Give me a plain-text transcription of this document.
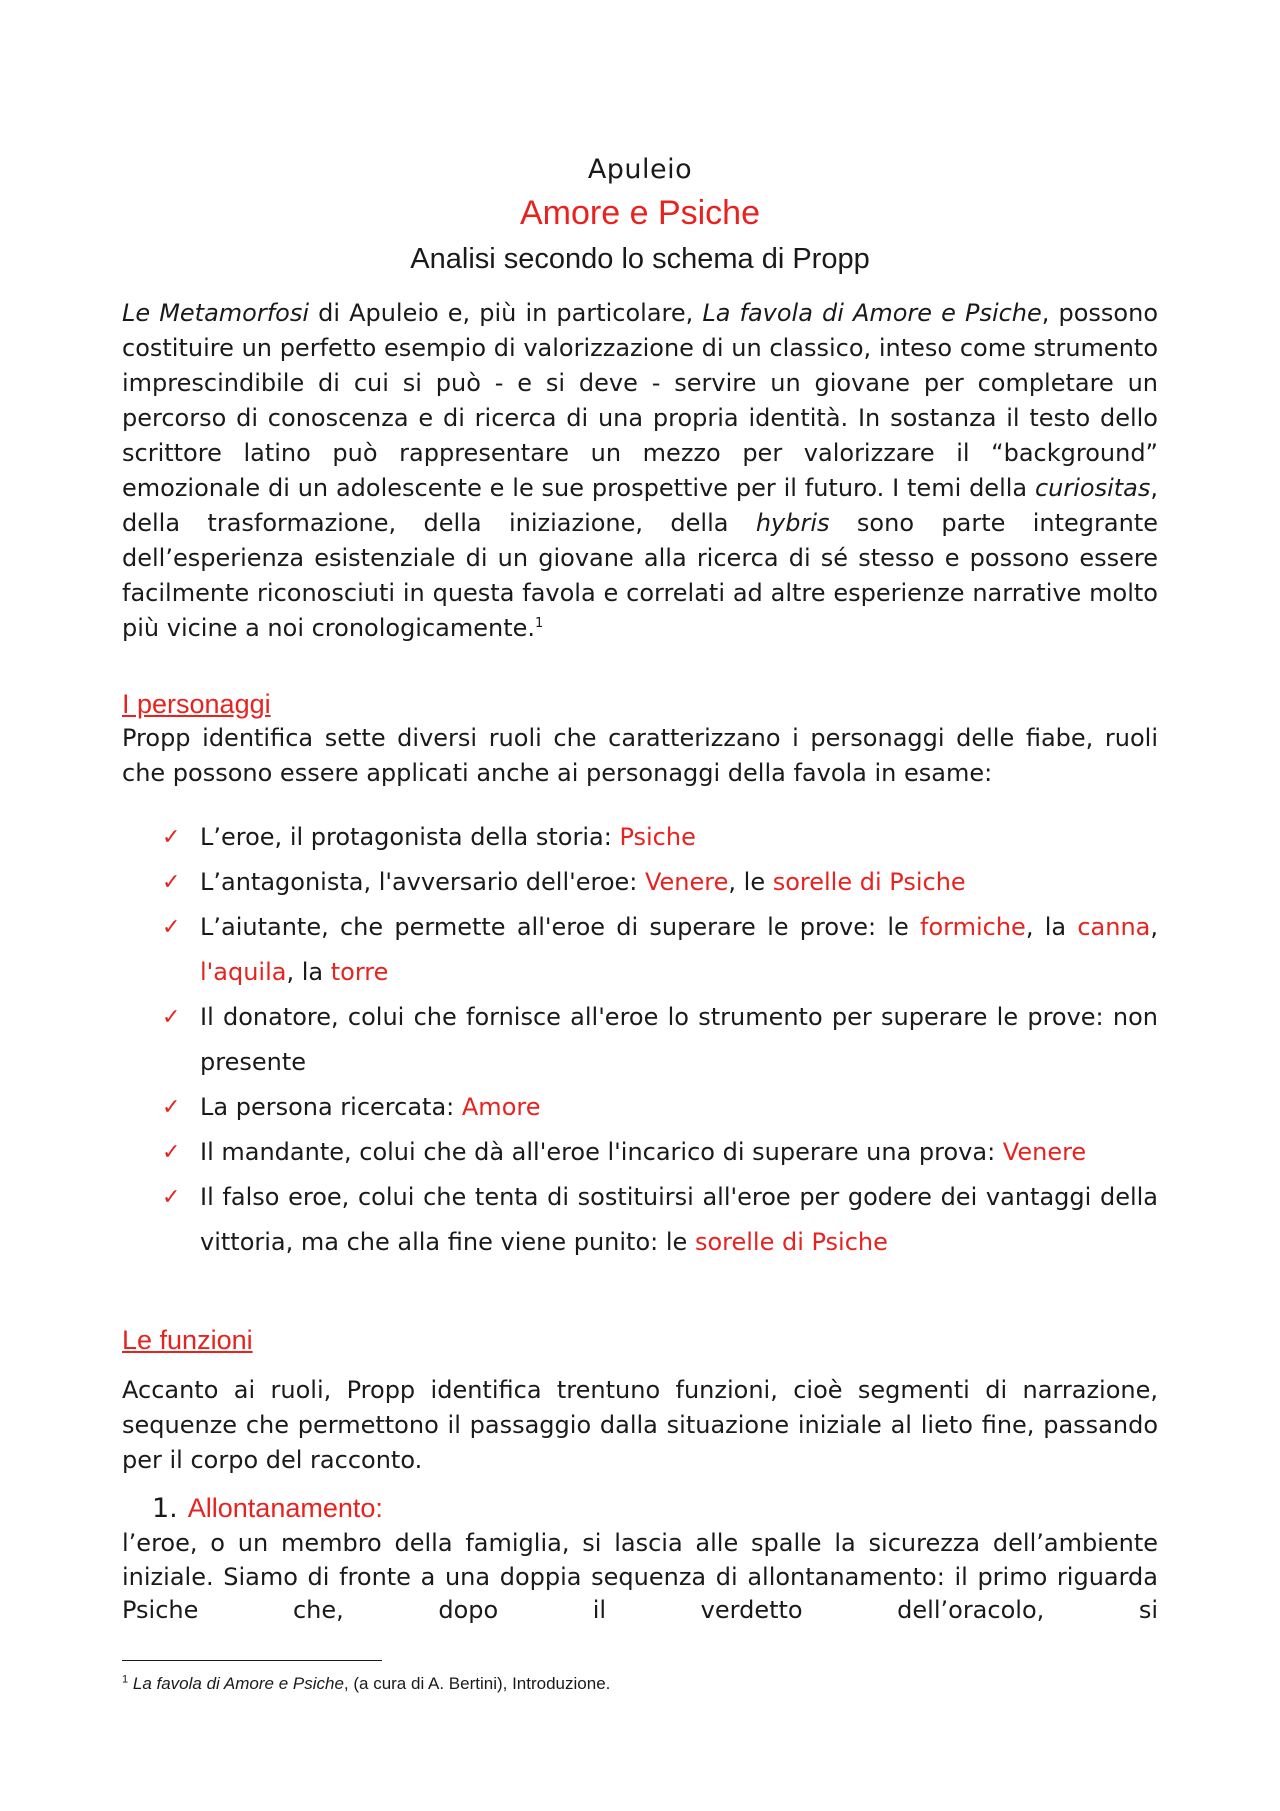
Apuleio
Amore e Psiche
Analisi secondo lo schema di Propp

Le Metamorfosi di Apuleio e, più in particolare, La favola di Amore e Psiche, possono costituire un perfetto esempio di valorizzazione di un classico, inteso come strumento imprescindibile di cui si può - e si deve - servire un giovane per completare un percorso di conoscenza e di ricerca di una propria identità. In sostanza il testo dello scrittore latino può rappresentare un mezzo per valorizzare il “background” emozionale di un adolescente e le sue prospettive per il futuro. I temi della curiositas, della trasformazione, della iniziazione, della hybris sono parte integrante dell’esperienza esistenziale di un giovane alla ricerca di sé stesso e possono essere facilmente riconosciuti in questa favola e correlati ad altre esperienze narrative molto più vicine a noi cronologicamente.$^1$

I personaggi

Propp identifica sette diversi ruoli che caratterizzano i personaggi delle fiabe, ruoli che possono essere applicati anche ai personaggi della favola in esame:

✓ L’eroe, il protagonista della storia: Psiche
✓ L’antagonista, l'avversario dell'eroe: Venere, le sorelle di Psiche
✓ L’aiutante, che permette all'eroe di superare le prove: le formiche, la canna, l'aquila, la torre
✓ Il donatore, colui che fornisce all'eroe lo strumento per superare le prove: non presente
✓ La persona ricercata: Amore
✓ Il mandante, colui che dà all'eroe l'incarico di superare una prova: Venere
✓ Il falso eroe, colui che tenta di sostituirsi all'eroe per godere dei vantaggi della vittoria, ma che alla fine viene punito: le sorelle di Psiche
Le funzioni

Accanto ai ruoli, Propp identifica trentuno funzioni, cioè segmenti di narrazione, sequenze che permettono il passaggio dalla situazione iniziale al lieto fine, passando per il corpo del racconto.

1. Allontanamento:

l’eroe, o un membro della famiglia, si lascia alle spalle la sicurezza dell’ambiente iniziale. Siamo di fronte a una doppia sequenza di allontanamento: il primo riguarda Psiche che, dopo il verdetto dell’oracolo, si

$^1$ La favola di Amore e Psiche, (a cura di A. Bertini), Introduzione.
